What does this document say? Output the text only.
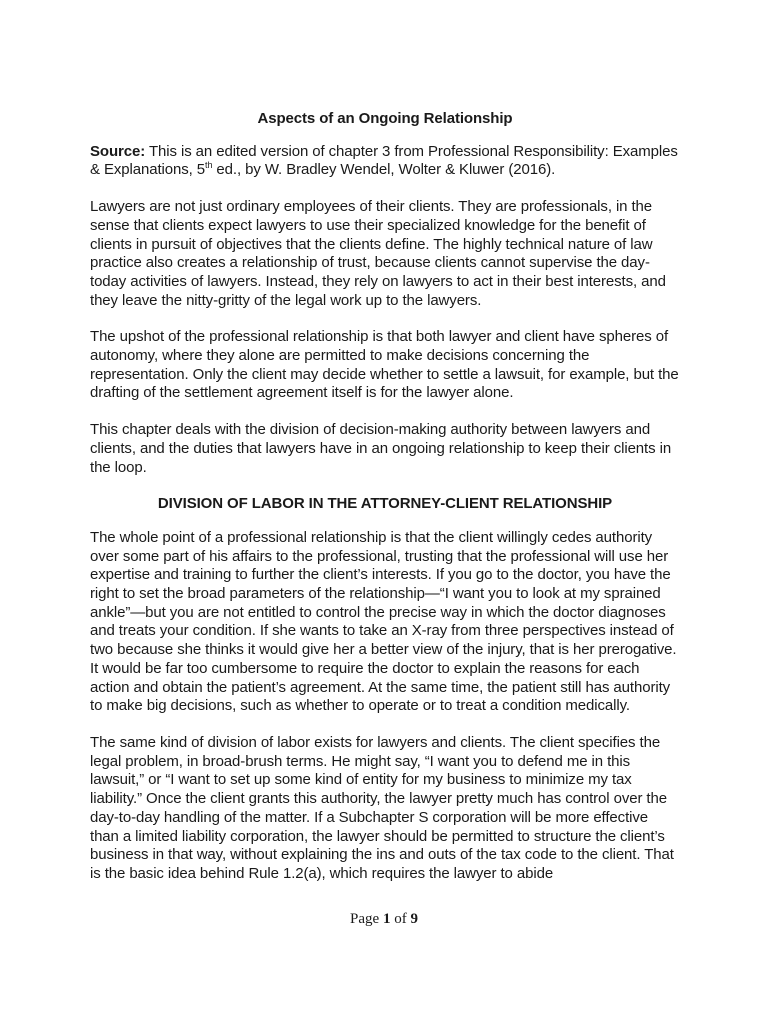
Aspects of an Ongoing Relationship
Source: This is an edited version of chapter 3 from Professional Responsibility: Examples & Explanations, 5th ed., by W. Bradley Wendel, Wolter & Kluwer (2016).
Lawyers are not just ordinary employees of their clients. They are professionals, in the sense that clients expect lawyers to use their specialized knowledge for the benefit of clients in pursuit of objectives that the clients define. The highly technical nature of law practice also creates a relationship of trust, because clients cannot supervise the day-today activities of lawyers. Instead, they rely on lawyers to act in their best interests, and they leave the nitty-gritty of the legal work up to the lawyers.
The upshot of the professional relationship is that both lawyer and client have spheres of autonomy, where they alone are permitted to make decisions concerning the representation. Only the client may decide whether to settle a lawsuit, for example, but the drafting of the settlement agreement itself is for the lawyer alone.
This chapter deals with the division of decision-making authority between lawyers and clients, and the duties that lawyers have in an ongoing relationship to keep their clients in the loop.
DIVISION OF LABOR IN THE ATTORNEY-CLIENT RELATIONSHIP
The whole point of a professional relationship is that the client willingly cedes authority over some part of his affairs to the professional, trusting that the professional will use her expertise and training to further the client’s interests. If you go to the doctor, you have the right to set the broad parameters of the relationship—“I want you to look at my sprained ankle”—but you are not entitled to control the precise way in which the doctor diagnoses and treats your condition. If she wants to take an X-ray from three perspectives instead of two because she thinks it would give her a better view of the injury, that is her prerogative. It would be far too cumbersome to require the doctor to explain the reasons for each action and obtain the patient’s agreement. At the same time, the patient still has authority to make big decisions, such as whether to operate or to treat a condition medically.
The same kind of division of labor exists for lawyers and clients. The client specifies the legal problem, in broad-brush terms. He might say, “I want you to defend me in this lawsuit,” or “I want to set up some kind of entity for my business to minimize my tax liability.” Once the client grants this authority, the lawyer pretty much has control over the day-to-day handling of the matter. If a Subchapter S corporation will be more effective than a limited liability corporation, the lawyer should be permitted to structure the client’s business in that way, without explaining the ins and outs of the tax code to the client. That is the basic idea behind Rule 1.2(a), which requires the lawyer to abide
Page 1 of 9
